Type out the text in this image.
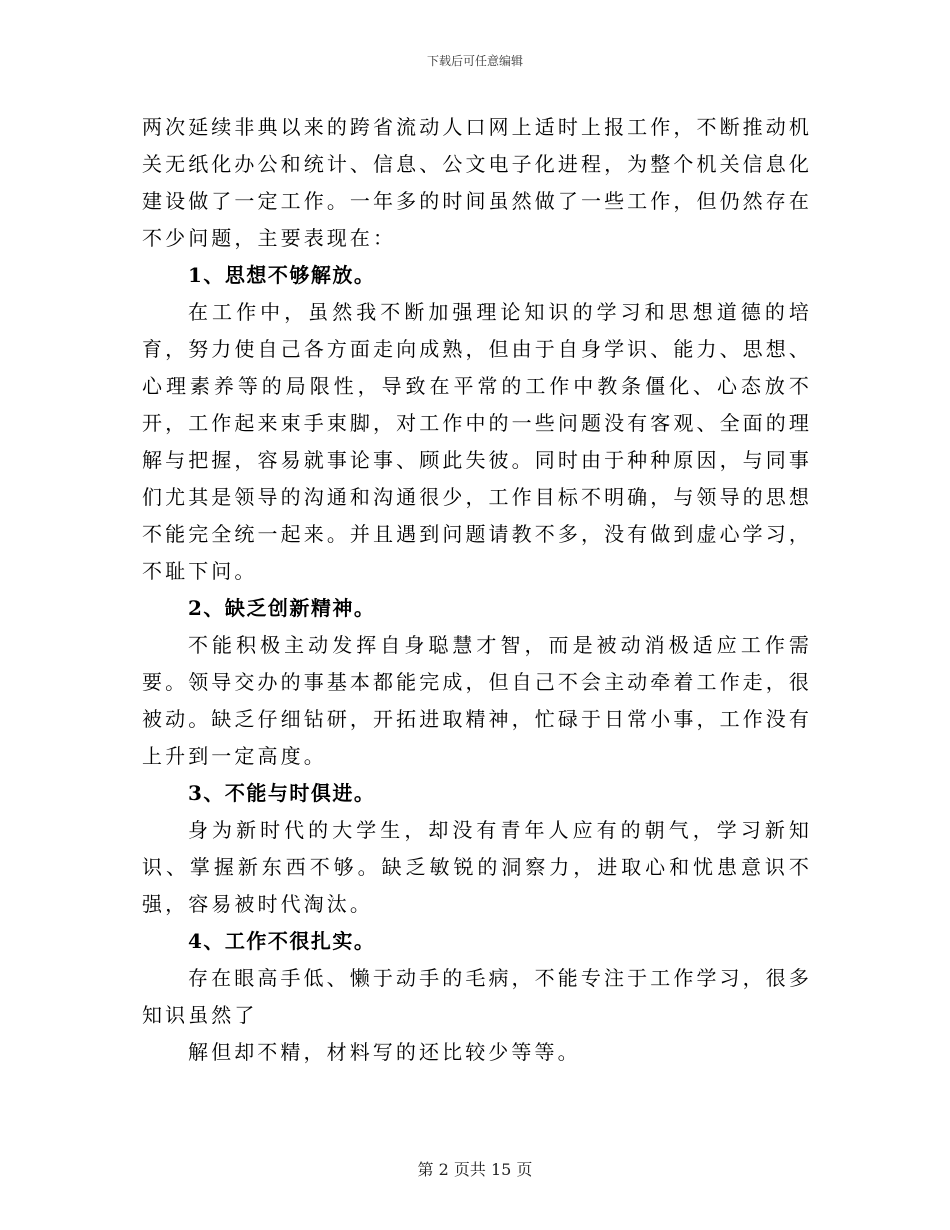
下载后可任意编辑

两次延续非典以来的跨省流动人口网上适时上报工作，不断推动机关无纸化办公和统计、信息、公文电子化进程，为整个机关信息化建设做了一定工作。一年多的时间虽然做了一些工作，但仍然存在不少问题，主要表现在：

1、思想不够解放。

在工作中，虽然我不断加强理论知识的学习和思想道德的培育，努力使自己各方面走向成熟，但由于自身学识、能力、思想、心理素养等的局限性，导致在平常的工作中教条僵化、心态放不开，工作起来束手束脚，对工作中的一些问题没有客观、全面的理解与把握，容易就事论事、顾此失彼。同时由于种种原因，与同事们尤其是领导的沟通和沟通很少，工作目标不明确，与领导的思想不能完全统一起来。并且遇到问题请教不多，没有做到虚心学习，不耻下问。

2、缺乏创新精神。

不能积极主动发挥自身聪慧才智，而是被动消极适应工作需要。领导交办的事基本都能完成，但自己不会主动牵着工作走，很被动。缺乏仔细钻研，开拓进取精神，忙碌于日常小事，工作没有上升到一定高度。

3、不能与时俱进。

身为新时代的大学生，却没有青年人应有的朝气，学习新知识、掌握新东西不够。缺乏敏锐的洞察力，进取心和忧患意识不强，容易被时代淘汰。

4、工作不很扎实。

存在眼高手低、懒于动手的毛病，不能专注于工作学习，很多知识虽然了

解但却不精，材料写的还比较少等等。

第 2 页共 15 页
